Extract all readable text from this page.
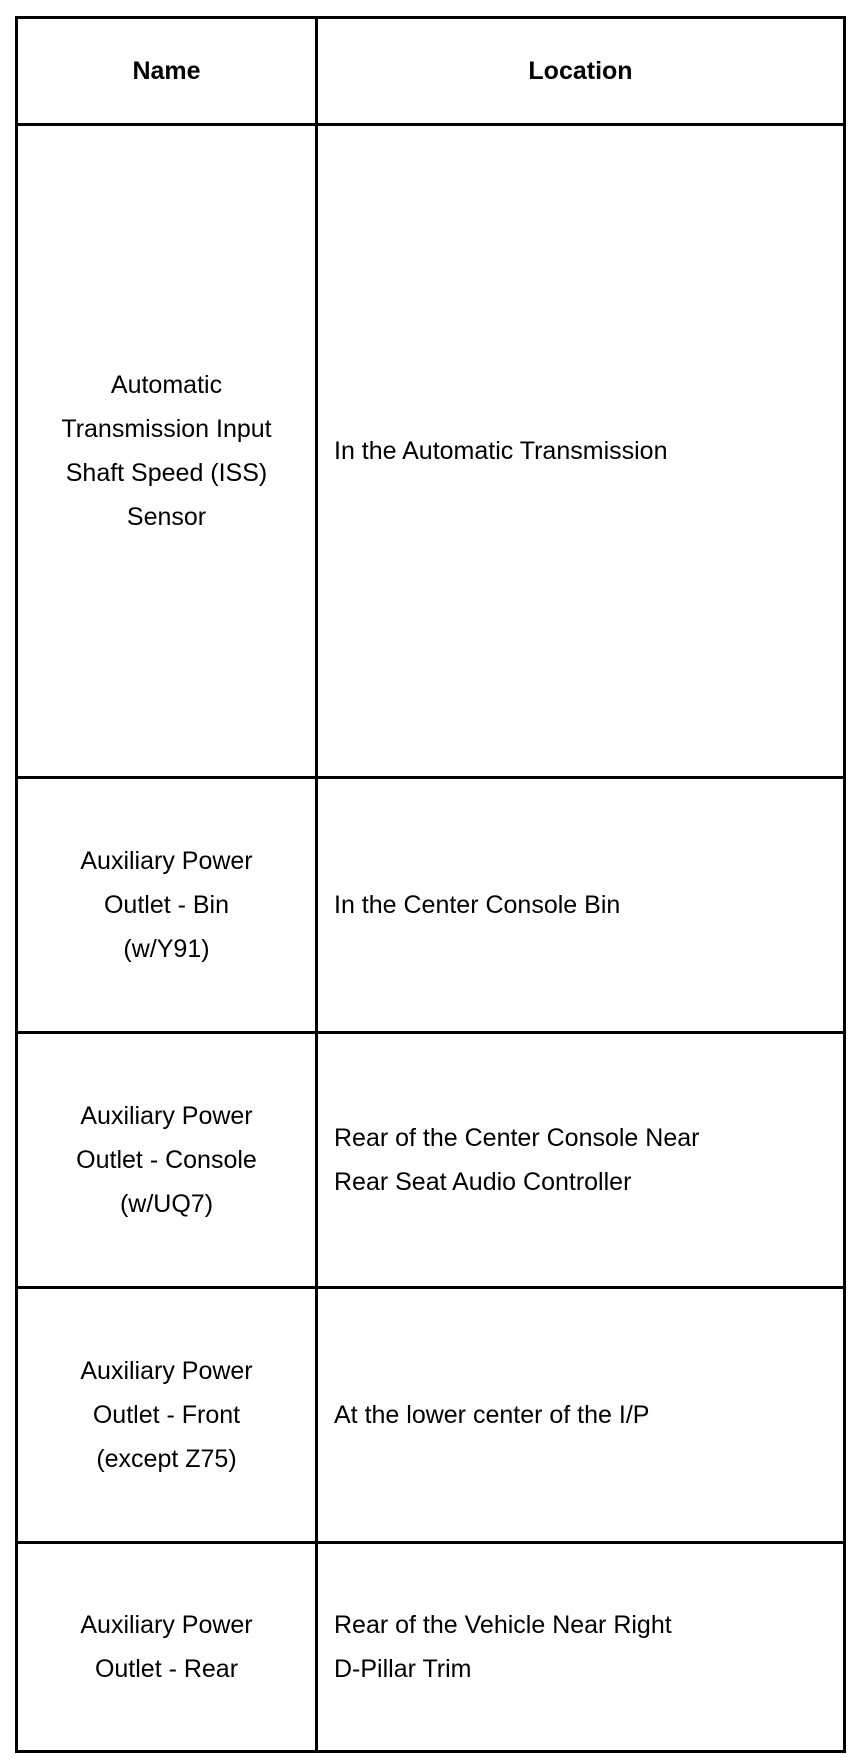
Name	Location

Automatic
Transmission Input
Shaft Speed (ISS)
Sensor	In the Automatic Transmission

Auxiliary Power
Outlet - Bin
(w/Y91)	In the Center Console Bin

Auxiliary Power
Outlet - Console
(w/UQ7)	Rear of the Center Console Near
Rear Seat Audio Controller

Auxiliary Power
Outlet - Front
(except Z75)	At the lower center of the I/P

Auxiliary Power
Outlet - Rear	Rear of the Vehicle Near Right
D-Pillar Trim
